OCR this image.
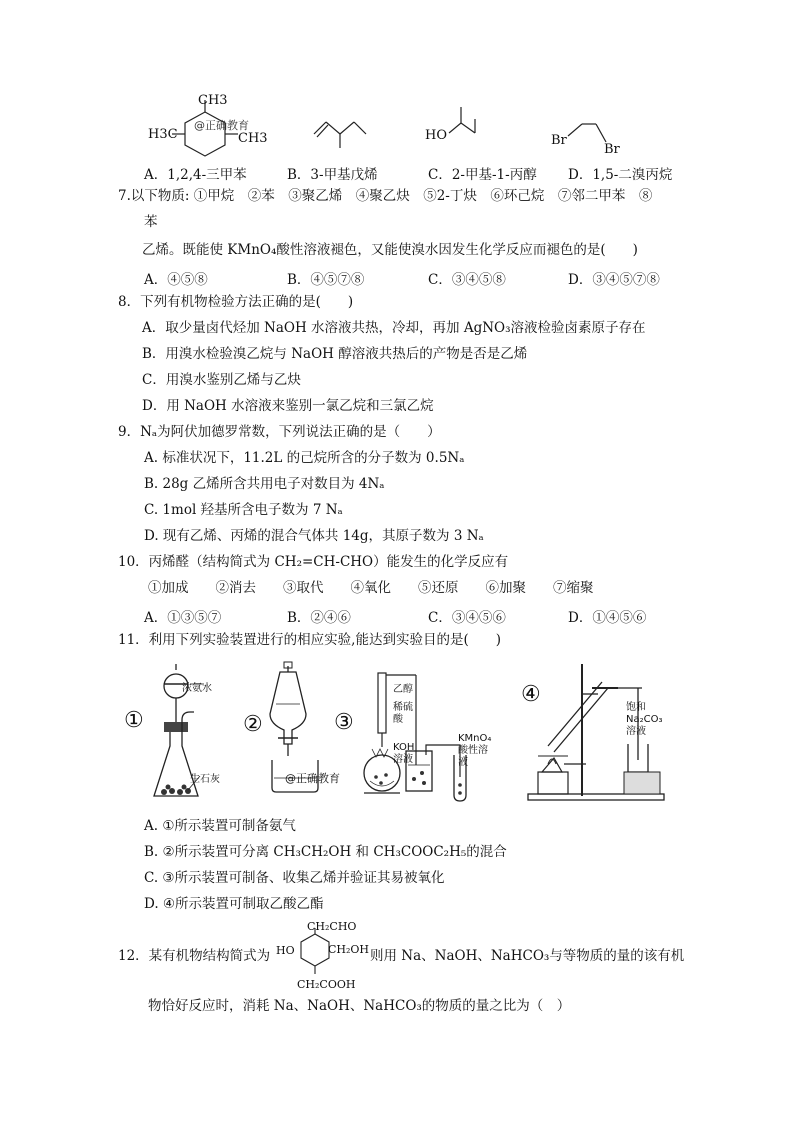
CH3
H3C	CH3
@正确教育
HO	Br
Br
A．1,2,4-三甲苯	B．3-甲基戊烯	C．2-甲基-1-丙醇 D．1,5-二溴丙烷
7.以下物质: ①甲烷　②苯　③聚乙烯　④聚乙炔　⑤2-丁炔　⑥环己烷　⑦邻二甲苯　⑧
苯
乙烯。既能使 KMnO₄酸性溶液褪色，又能使溴水因发生化学反应而褪色的是(　　)
A．④⑤⑧	B．④⑤⑦⑧	C．③④⑤⑧	D．③④⑤⑦⑧
8．下列有机物检验方法正确的是(　　)
A．取少量卤代烃加 NaOH 水溶液共热，冷却，再加 AgNO₃溶液检验卤素原子存在
B．用溴水检验溴乙烷与 NaOH 醇溶液共热后的产物是否是乙烯
C．用溴水鉴别乙烯与乙炔
D．用 NaOH 水溶液来鉴别一氯乙烷和三氯乙烷
9．Nₐ为阿伏加德罗常数，下列说法正确的是（　　）
A. 标准状况下，11.2L 的己烷所含的分子数为 0.5Nₐ
B. 28g 乙烯所含共用电子对数目为 4Nₐ
C. 1mol 羟基所含电子数为 7 Nₐ
D. 现有乙烯、丙烯的混合气体共 14g，其原子数为 3 Nₐ
10．丙烯醛（结构简式为 CH₂=CH-CHO）能发生的化学反应有
①加成　　②消去　　③取代　　④氧化　　⑤还原　　⑥加聚　　⑦缩聚
A．①③⑤⑦	B．②④⑥	C．③④⑤⑥	D．①④⑤⑥
11．利用下列实验装置进行的相应实验,能达到实验目的是(　　)
①	②	③
④
浓氨水
生石灰	@正确教育
乙醇
稀硫酸
KOH溶液
KMnO₄酸性溶液
饱和Na₂CO₃溶液
A. ①所示装置可制备氨气
B. ②所示装置可分离 CH₃CH₂OH 和 CH₃COOC₂H₅的混合
C. ③所示装置可制备、收集乙烯并验证其易被氧化
D. ④所示装置可制取乙酸乙酯
12．某有机物结构简式为
CH₂CHO
HO	CH₂OH
CH₂COOH
则用 Na、NaOH、NaHCO₃与等物质的量的该有机
物恰好反应时，消耗 Na、NaOH、NaHCO₃的物质的量之比为（　）
